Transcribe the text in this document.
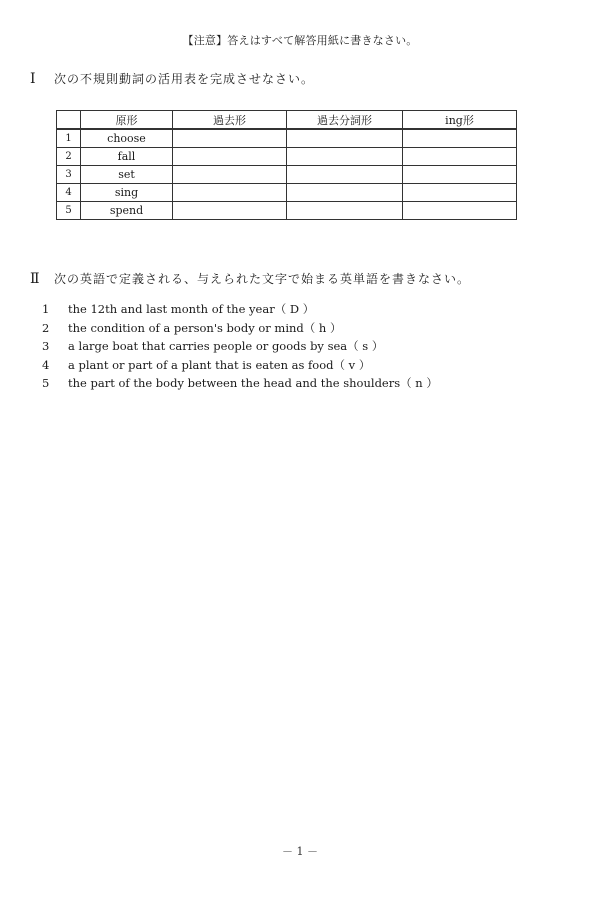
【注意】答えはすべて解答用紙に書きなさい。
Ⅰ	次の不規則動詞の活用表を完成させなさい。
	原形	過去形	過去分詞形	ing形
1	choose			
2	fall			
3	set			
4	sing			
5	spend			
Ⅱ	次の英語で定義される、与えられた文字で始まる英単語を書きなさい。
1	the 12th and last month of the year（ D ）
2	the condition of a person's body or mind（ h ）
3	a large boat that carries people or goods by sea（ s ）
4	a plant or part of a plant that is eaten as food（ v ）
5	the part of the body between the head and the shoulders（ n ）
－ 1 －
